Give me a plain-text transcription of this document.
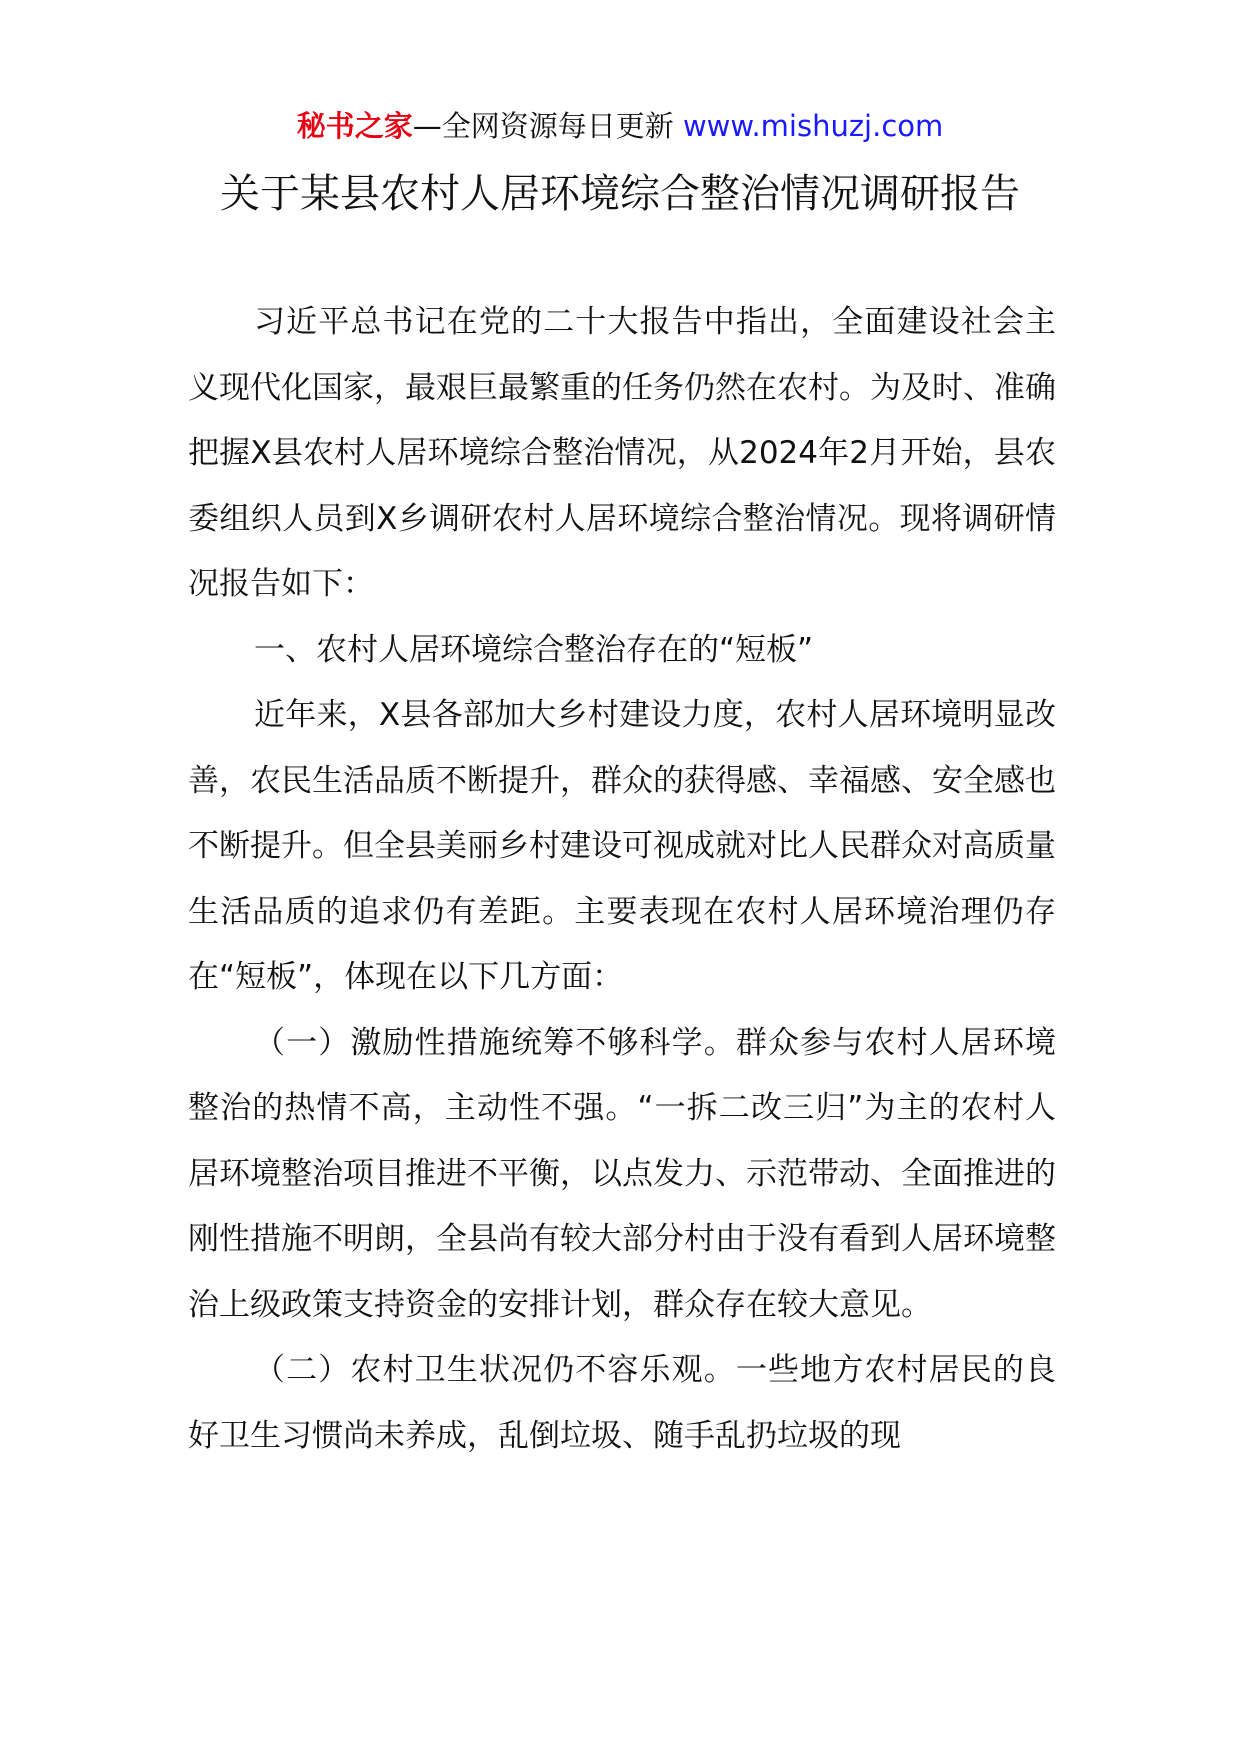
秘书之家—全网资源每日更新 www.mishuzj.com
关于某县农村人居环境综合整治情况调研报告

习近平总书记在党的二十大报告中指出，全面建设社会主义现代化国家，最艰巨最繁重的任务仍然在农村。为及时、准确把握X县农村人居环境综合整治情况，从2024年2月开始，县农委组织人员到X乡调研农村人居环境综合整治情况。现将调研情况报告如下：

一、农村人居环境综合整治存在的“短板”

近年来，X县各部加大乡村建设力度，农村人居环境明显改善，农民生活品质不断提升，群众的获得感、幸福感、安全感也不断提升。但全县美丽乡村建设可视成就对比人民群众对高质量生活品质的追求仍有差距。主要表现在农村人居环境治理仍存在“短板”，体现在以下几方面：

（一）激励性措施统筹不够科学。群众参与农村人居环境整治的热情不高，主动性不强。“一拆二改三归”为主的农村人居环境整治项目推进不平衡，以点发力、示范带动、全面推进的刚性措施不明朗，全县尚有较大部分村由于没有看到人居环境整治上级政策支持资金的安排计划，群众存在较大意见。

（二）农村卫生状况仍不容乐观。一些地方农村居民的良好卫生习惯尚未养成，乱倒垃圾、随手乱扔垃圾的现
